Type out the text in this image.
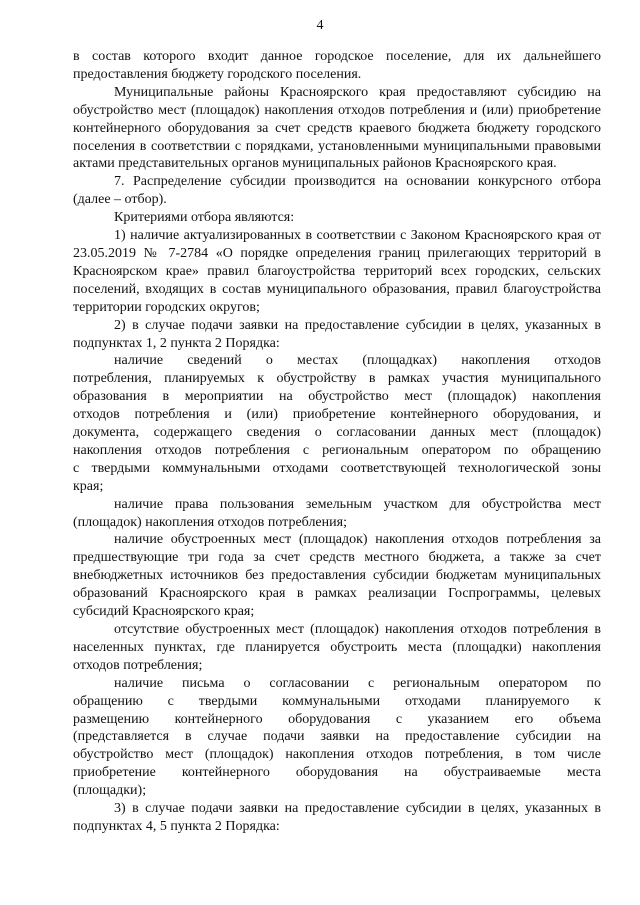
4

в состав которого входит данное городское поселение, для их дальнейшего предоставления бюджету городского поселения.

Муниципальные районы Красноярского края предоставляют субсидию на обустройство мест (площадок) накопления отходов потребления и (или) приобретение контейнерного оборудования за счет средств краевого бюджета бюджету городского поселения в соответствии с порядками, установленными муниципальными правовыми актами представительных органов муниципальных районов Красноярского края.

7. Распределение субсидии производится на основании конкурсного отбора (далее – отбор).

Критериями отбора являются:

1) наличие актуализированных в соответствии с Законом Красноярского края от 23.05.2019 № 7-2784 «О порядке определения границ прилегающих территорий в Красноярском крае» правил благоустройства территорий всех городских, сельских поселений, входящих в состав муниципального образования, правил благоустройства территории городских округов;

2) в случае подачи заявки на предоставление субсидии в целях, указанных в подпунктах 1, 2 пункта 2 Порядка:

наличие сведений о местах (площадках) накопления отходов потребления, планируемых к обустройству в рамках участия муниципального образования в мероприятии на обустройство мест (площадок) накопления отходов потребления и (или) приобретение контейнерного оборудования, и документа, содержащего сведения о согласовании данных мест (площадок) накопления отходов потребления с региональным оператором по обращению с твердыми коммунальными отходами соответствующей технологической зоны края;

наличие права пользования земельным участком для обустройства мест (площадок) накопления отходов потребления;

наличие обустроенных мест (площадок) накопления отходов потребления за предшествующие три года за счет средств местного бюджета, а также за счет внебюджетных источников без предоставления субсидии бюджетам муниципальных образований Красноярского края в рамках реализации Госпрограммы, целевых субсидий Красноярского края;

отсутствие обустроенных мест (площадок) накопления отходов потребления в населенных пунктах, где планируется обустроить места (площадки) накопления отходов потребления;

наличие письма о согласовании с региональным оператором по обращению с твердыми коммунальными отходами планируемого к размещению контейнерного оборудования с указанием его объема (представляется в случае подачи заявки на предоставление субсидии на обустройство мест (площадок) накопления отходов потребления, в том числе приобретение контейнерного оборудования на обустраиваемые места (площадки);

3) в случае подачи заявки на предоставление субсидии в целях, указанных в подпунктах 4, 5 пункта 2 Порядка:
